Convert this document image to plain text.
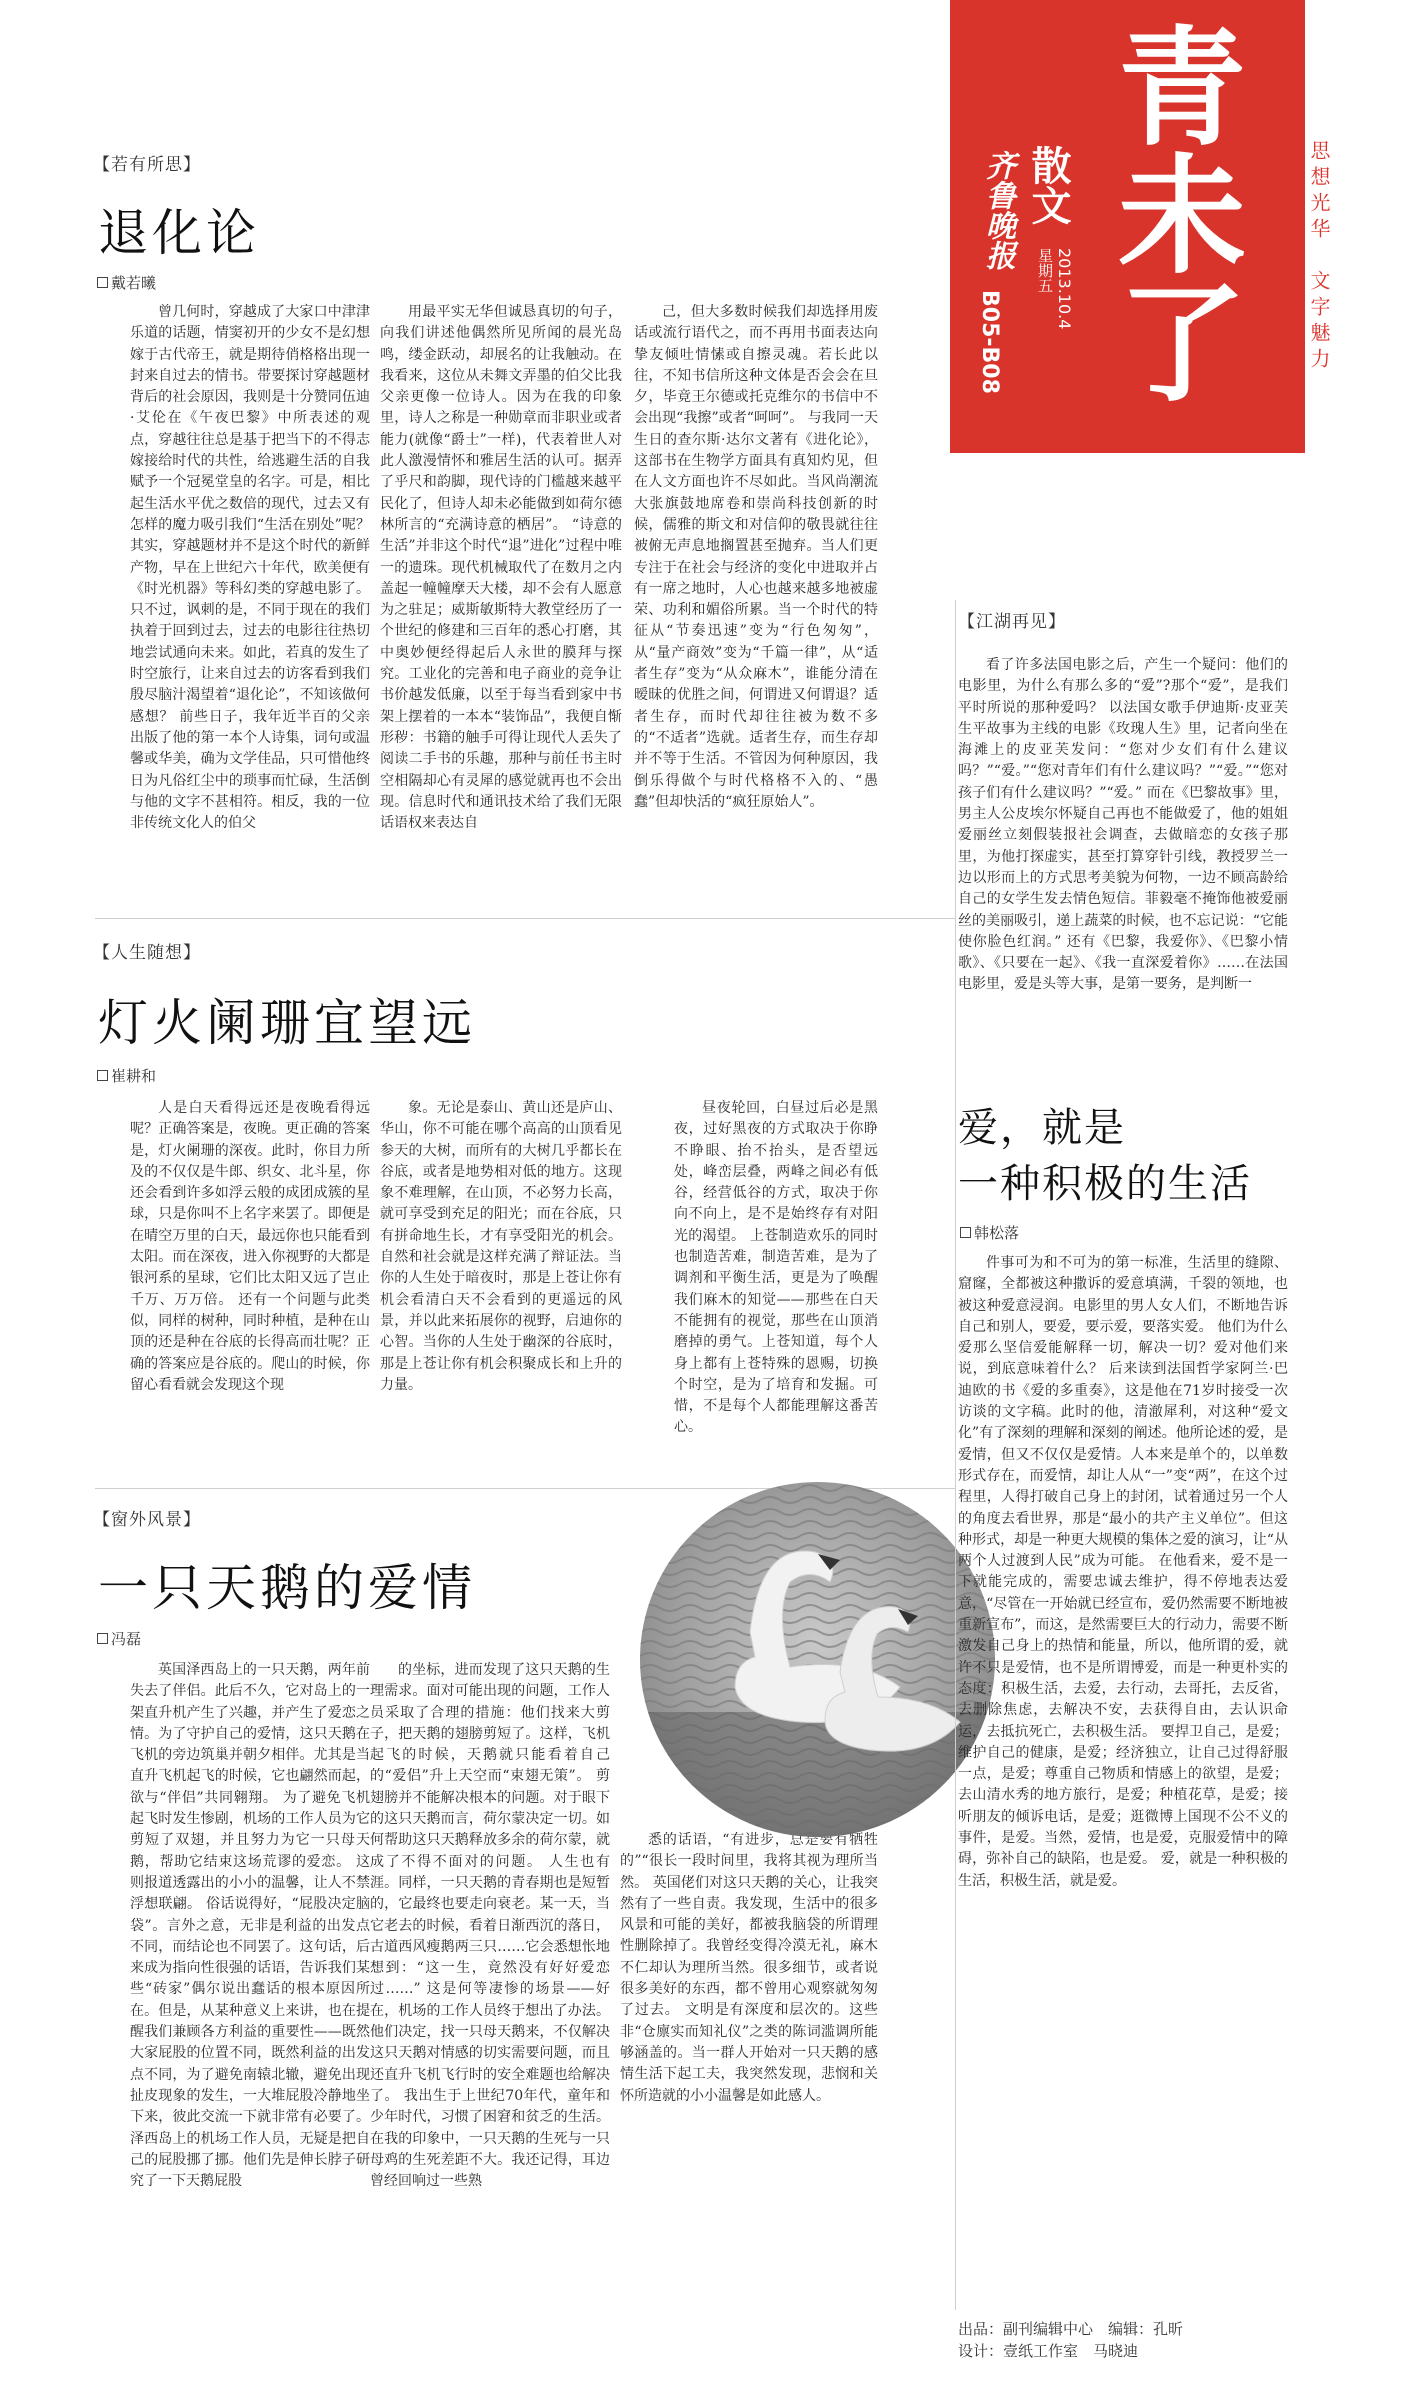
青未了
齐鲁晚报 散文
星期五 2013.10.4
B05-B08	思想光华　文字魅力
【若有所思】
退化论
戴若曦

曾几何时，穿越成了大家口中津津乐道的话题，情窦初开的少女不是幻想嫁于古代帝王，就是期待俏格格出现一封来自过去的情书。带要探讨穿越题材背后的社会原因，我则是十分赞同伍迪·艾伦在《午夜巴黎》中所表述的观点，穿越往往总是基于把当下的不得志嫁接给时代的共性，给逃避生活的自我赋予一个冠冕堂皇的名字。可是，相比起生活水平优之数倍的现代，过去又有怎样的魔力吸引我们“生活在别处”呢？其实，穿越题材并不是这个时代的新鲜产物，早在上世纪六十年代，欧美便有《时光机器》等科幻类的穿越电影了。只不过，讽刺的是，不同于现在的我们执着于回到过去，过去的电影往往热切地尝试通向未来。如此，若真的发生了时空旅行，让来自过去的访客看到我们殷尽脑汁渴望着“退化论”，不知该做何感想？ 前些日子，我年近半百的父亲出版了他的第一本个人诗集，词句或温馨或华美，确为文学佳品，只可惜他终日为凡俗红尘中的琐事而忙碌，生活倒与他的文字不甚相符。相反，我的一位非传统文化人的伯父

用最平实无华但诚恳真切的句子，向我们讲述他偶然所见所闻的晨光岛鸣，缕金跃动，却展名的让我触动。在我看来，这位从未舞文弄墨的伯父比我父亲更像一位诗人。因为在我的印象里，诗人之称是一种勋章而非职业或者能力(就像“爵士”一样)，代表着世人对此人激漫情怀和雅居生活的认可。据弄了乎尺和韵脚，现代诗的门槛越来越平民化了，但诗人却未必能做到如荷尔德林所言的“充满诗意的栖居”。 “诗意的生活”并非这个时代“退”进化”过程中唯一的遗珠。现代机械取代了在数月之内盖起一幢幢摩天大楼，却不会有人愿意为之驻足；威斯敏斯特大教堂经历了一个世纪的修建和三百年的悉心打磨，其中奥妙便经得起后人永世的膜拜与探究。工业化的完善和电子商业的竞争让书价越发低廉，以至于每当看到家中书架上摆着的一本本“装饰品”，我便自惭形秽：书籍的触手可得让现代人丢失了阅读二手书的乐趣，那种与前任书主时空相隔却心有灵犀的感觉就再也不会出现。信息时代和通讯技术给了我们无限话语权来表达自

己，但大多数时候我们却选择用废话或流行语代之，而不再用书面表达向挚友倾吐情愫或自擦灵魂。若长此以往，不知书信所这种文体是否会会在旦夕，毕竟王尔德或托克维尔的书信中不会出现“我擦”或者“呵呵”。 与我同一天生日的查尔斯·达尔文著有《进化论》，这部书在生物学方面具有真知灼见，但在人文方面也许不尽如此。当风尚潮流大张旗鼓地席卷和崇尚科技创新的时候，儒雅的斯文和对信仰的敬畏就往往被俯无声息地搁置甚至抛弃。当人们更专注于在社会与经济的变化中进取并占有一席之地时，人心也越来越多地被虚荣、功利和媚俗所累。当一个时代的特征从“节奏迅速”变为“行色匆匆”，从“量产商效”变为“千篇一律”，从“适者生存”变为“从众麻木”，谁能分清在暧昧的优胜之间，何谓进又何谓退？适者生存，而时代却往往被为数不多的“不适者”选就。适者生存，而生存却并不等于生活。不管因为何种原因，我倒乐得做个与时代格格不入的、“愚蠢”但却快活的“疯狂原始人”。

【人生随想】
灯火阑珊宜望远
崔耕和

人是白天看得远还是夜晚看得远呢？正确答案是，夜晚。更正确的答案是，灯火阑珊的深夜。此时，你目力所及的不仅仅是牛郎、织女、北斗星，你还会看到许多如浮云般的成团成簇的星球，只是你叫不上名字来罢了。即便是在晴空万里的白天，最远你也只能看到太阳。而在深夜，进入你视野的大都是银河系的星球，它们比太阳又远了岂止千万、万万倍。 还有一个问题与此类似，同样的树种，同时种植，是种在山顶的还是种在谷底的长得高而壮呢？正确的答案应是谷底的。爬山的时候，你留心看看就会发现这个现

象。无论是泰山、黄山还是庐山、华山，你不可能在哪个高高的山顶看见参天的大树，而所有的大树几乎都长在谷底，或者是地势相对低的地方。这现象不难理解，在山顶，不必努力长高，就可享受到充足的阳光；而在谷底，只有拼命地生长，才有享受阳光的机会。 自然和社会就是这样充满了辩证法。当你的人生处于暗夜时，那是上苍让你有机会看清白天不会看到的更遥远的风景，并以此来拓展你的视野，启迪你的心智。当你的人生处于幽深的谷底时，那是上苍让你有机会积聚成长和上升的力量。

昼夜轮回，白昼过后必是黑夜，过好黑夜的方式取决于你睁不睁眼、抬不抬头，是否望远处，峰峦层叠，两峰之间必有低谷，经营低谷的方式，取决于你向不向上，是不是始终存有对阳光的渴望。 上苍制造欢乐的同时也制造苦难，制造苦难，是为了调剂和平衡生活，更是为了唤醒我们麻木的知觉——那些在白天不能拥有的视觉，那些在山顶消磨掉的勇气。上苍知道，每个人身上都有上苍特殊的恩赐，切换个时空，是为了培育和发掘。可惜，不是每个人都能理解这番苦心。

【窗外风景】
一只天鹅的爱情
冯磊

英国泽西岛上的一只天鹅，两年前失去了伴侣。此后不久，它对岛上的一架直升机产生了兴趣，并产生了爱恋之情。为了守护自己的爱情，这只天鹅在飞机的旁边筑巢并朝夕相伴。尤其是当直升飞机起飞的时候，它也翩然而起，欲与“伴侣”共同翱翔。 为了避免飞机起飞时发生惨剧，机场的工作人员为它剪短了双翅，并且努力为它一只母天鹅，帮助它结束这场荒谬的爱恋。 这则报道透露出的小小的温馨，让人不禁浮想联翩。 俗话说得好，“屁股决定脑袋”。言外之意，无非是利益的出发点不同，而结论也不同罢了。这句话，后来成为指向性很强的话语，告诉我们某些“砖家”偶尔说出蠢话的根本原因所在。但是，从某种意义上来讲，也在提醒我们兼顾各方利益的重要性——既然大家屁股的位置不同，既然利益的出发点不同，为了避免南辕北辙，避免出现扯皮现象的发生，一大堆屁股冷静地坐下来，彼此交流一下就非常有必要了。 泽西岛上的机场工作人员，无疑是把自己的屁股挪了挪。他们先是伸长脖子研究了一下天鹅屁股

的坐标，进而发现了这只天鹅的生理需求。面对可能出现的问题，工作人员采取了合理的措施：他们找来大剪子，把天鹅的翅膀剪短了。这样，飞机起飞的时候，天鹅就只能看着自己的“爱侣”升上天空而“束翅无策”。 剪翅膀并不能解决根本的问题。对于眼下的这只天鹅而言，荷尔蒙决定一切。如何帮助这只天鹅释放多余的荷尔蒙，就成了不得不面对的问题。 人生也有涯。同样，一只天鹅的青春期也是短暂的，它最终也要走向衰老。某一天，当它老去的时候，看着日渐西沉的落日，古道西风瘦鹅两三只……它会悉想怅地想到：“这一生，竟然没有好好爱恋过……” 这是何等凄惨的场景——好在，机场的工作人员终于想出了办法。他们决定，找一只母天鹅来，不仅解决这只天鹅对情感的切实需要问题，而且还直升飞机飞行时的安全难题也给解决了。 我出生于上世纪70年代，童年和少年时代，习惯了困窘和贫乏的生活。在我的印象中，一只天鹅的生死与一只母鸡的生死差距不大。我还记得，耳边曾经回响过一些熟

悉的话语，“有进步，总是要有牺牲的”“很长一段时间里，我将其视为理所当然。 英国佬们对这只天鹅的关心，让我突然有了一些自责。我发现，生活中的很多风景和可能的美好，都被我脑袋的所谓理性删除掉了。我曾经变得冷漠无礼，麻木不仁却认为理所当然。很多细节，或者说很多美好的东西，都不曾用心观察就匆匆了过去。 文明是有深度和层次的。这些非“仓廪实而知礼仪”之类的陈词滥调所能够涵盖的。当一群人开始对一只天鹅的感情生活下起工夫，我突然发现，悲悯和关怀所造就的小小温馨是如此感人。

【江湖再见】

看了许多法国电影之后，产生一个疑问：他们的电影里，为什么有那么多的“爱”?那个“爱”，是我们平时所说的那种爱吗？ 以法国女歌手伊迪斯·皮亚芙生平故事为主线的电影《玫瑰人生》里，记者向坐在海滩上的皮亚芙发问：“您对少女们有什么建议吗？”“爱。”“您对青年们有什么建议吗？”“爱。”“您对孩子们有什么建议吗？”“爱。” 而在《巴黎故事》里，男主人公皮埃尔怀疑自己再也不能做爱了，他的姐姐爱丽丝立刻假装报社会调查，去做暗恋的女孩子那里，为他打探虚实，甚至打算穿针引线，教授罗兰一边以形而上的方式思考美貌为何物，一边不顾高龄给自己的女学生发去情色短信。菲毅毫不掩饰他被爱丽丝的美丽吸引，递上蔬菜的时候，也不忘记说：“它能使你脸色红润。” 还有《巴黎，我爱你》、《巴黎小情歌》、《只要在一起》、《我一直深爱着你》……在法国电影里，爱是头等大事，是第一要务，是判断一

爱，就是
一种积极的生活
韩松落

件事可为和不可为的第一标准，生活里的缝隙、窟窿，全都被这种撒诉的爱意填满，千裂的领地，也被这种爱意浸润。电影里的男人女人们，不断地告诉自己和别人，要爱，要示爱，要落实爱。 他们为什么爱那么坚信爱能解释一切，解决一切？爱对他们来说，到底意味着什么？ 后来读到法国哲学家阿兰·巴迪欧的书《爱的多重奏》，这是他在71岁时接受一次访谈的文字稿。此时的他，清澈犀利，对这种“爱文化”有了深刻的理解和深刻的阐述。他所论述的爱，是爱情，但又不仅仅是爱情。人本来是单个的，以单数形式存在，而爱情，却让人从“一”变“两”，在这个过程里，人得打破自己身上的封闭，试着通过另一个人的角度去看世界，那是“最小的共产主义单位”。但这种形式，却是一种更大规模的集体之爱的演习，让“从两个人过渡到人民”成为可能。 在他看来，爱不是一下就能完成的，需要忠诚去维护，得不停地表达爱意，“尽管在一开始就已经宣布，爱仍然需要不断地被重新宣布”，而这，是然需要巨大的行动力，需要不断激发自己身上的热情和能量，所以，他所谓的爱，就许不只是爱情，也不是所谓博爱，而是一种更朴实的态度：积极生活，去爱，去行动，去哥托，去反省，去删除焦虑，去解决不安，去获得自由，去认识命运，去抵抗死亡，去积极生活。 要捍卫自己，是爱；维护自己的健康，是爱；经济独立，让自己过得舒服一点，是爱；尊重自己物质和情感上的欲望，是爱；去山清水秀的地方旅行，是爱；种植花草，是爱；接听朋友的倾诉电话，是爱；逛微博上国现不公不义的事件，是爱。当然，爱情，也是爱，克服爱情中的障碍，弥补自己的缺陷，也是爱。 爱，就是一种积极的生活，积极生活，就是爱。

出品：副刊编辑中心　编辑：孔昕
设计：壹纸工作室　马晓迪
